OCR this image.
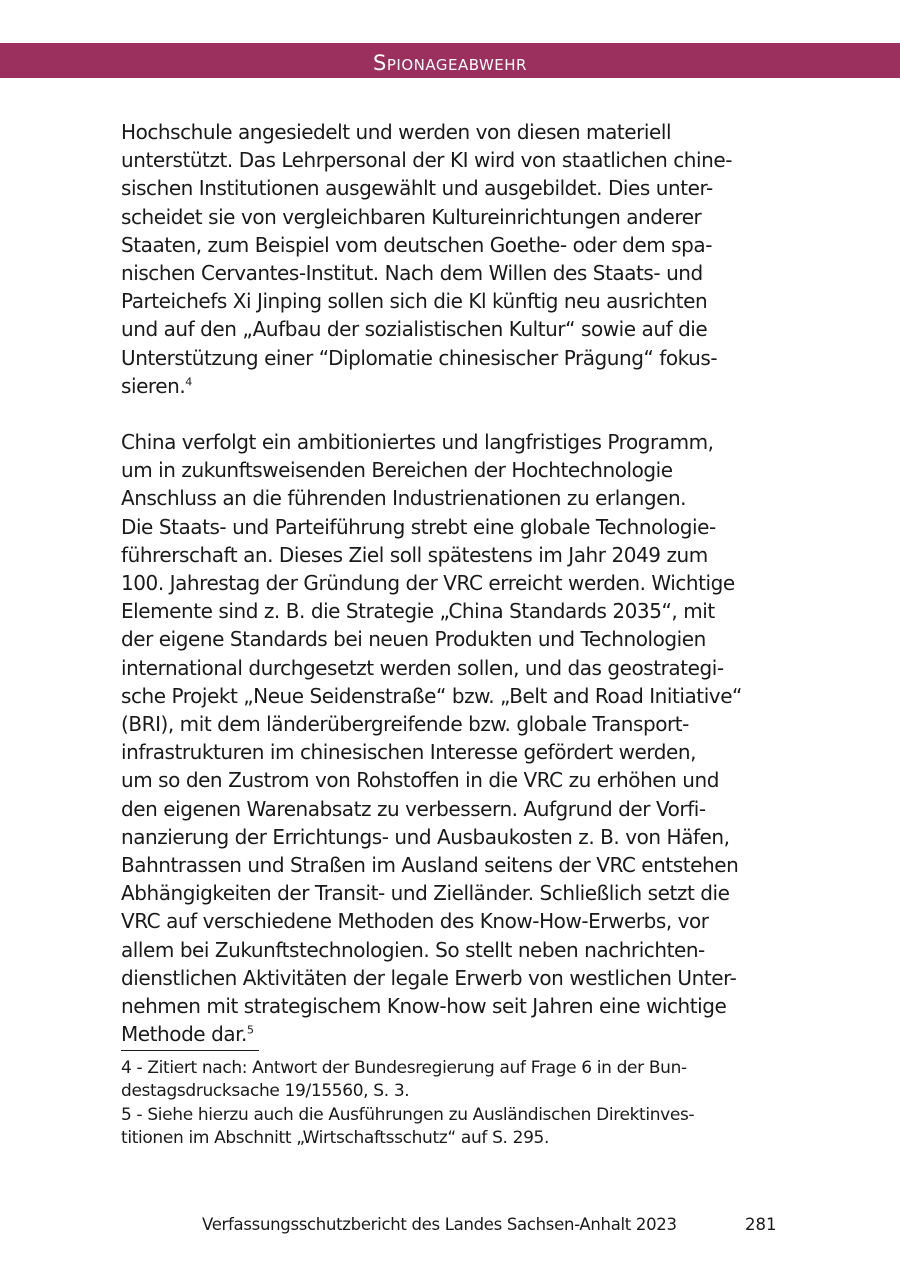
Spionageabwehr
Hochschule angesiedelt und werden von diesen materiell
unterstützt. Das Lehrpersonal der KI wird von staatlichen chine-
sischen Institutionen ausgewählt und ausgebildet. Dies unter-
scheidet sie von vergleichbaren Kultureinrichtungen anderer
Staaten, zum Beispiel vom deutschen Goethe- oder dem spa-
nischen Cervantes-Institut. Nach dem Willen des Staats- und
Parteichefs Xi Jinping sollen sich die Kl künftig neu ausrichten
und auf den „Aufbau der sozialistischen Kultur“ sowie auf die
Unterstützung einer “Diplomatie chinesischer Prägung“ fokus-
sieren.$^4$
China verfolgt ein ambitioniertes und langfristiges Programm,
um in zukunftsweisenden Bereichen der Hochtechnologie
Anschluss an die führenden Industrienationen zu erlangen.
Die Staats- und Parteiführung strebt eine globale Technologie-
führerschaft an. Dieses Ziel soll spätestens im Jahr 2049 zum
100. Jahrestag der Gründung der VRC erreicht werden. Wichtige
Elemente sind z. B. die Strategie „China Standards 2035“, mit
der eigene Standards bei neuen Produkten und Technologien
international durchgesetzt werden sollen, und das geostrategi-
sche Projekt „Neue Seidenstraße“ bzw. „Belt and Road Initiative“
(BRI), mit dem länderübergreifende bzw. globale Transport-
infrastrukturen im chinesischen Interesse gefördert werden,
um so den Zustrom von Rohstoffen in die VRC zu erhöhen und
den eigenen Warenabsatz zu verbessern. Aufgrund der Vorfi-
nanzierung der Errichtungs- und Ausbaukosten z. B. von Häfen,
Bahntrassen und Straßen im Ausland seitens der VRC entstehen
Abhängigkeiten der Transit- und Zielländer. Schließlich setzt die
VRC auf verschiedene Methoden des Know-How-Erwerbs, vor
allem bei Zukunftstechnologien. So stellt neben nachrichten-
dienstlichen Aktivitäten der legale Erwerb von westlichen Unter-
nehmen mit strategischem Know-how seit Jahren eine wichtige
Methode dar.$^5$
4 - Zitiert nach: Antwort der Bundesregierung auf Frage 6 in der Bun-
destagsdrucksache 19/15560, S. 3.
5 - Siehe hierzu auch die Ausführungen zu Ausländischen Direktinves-
titionen im Abschnitt „Wirtschaftsschutz“ auf S. 295.
Verfassungsschutzbericht des Landes Sachsen-Anhalt 2023	281
